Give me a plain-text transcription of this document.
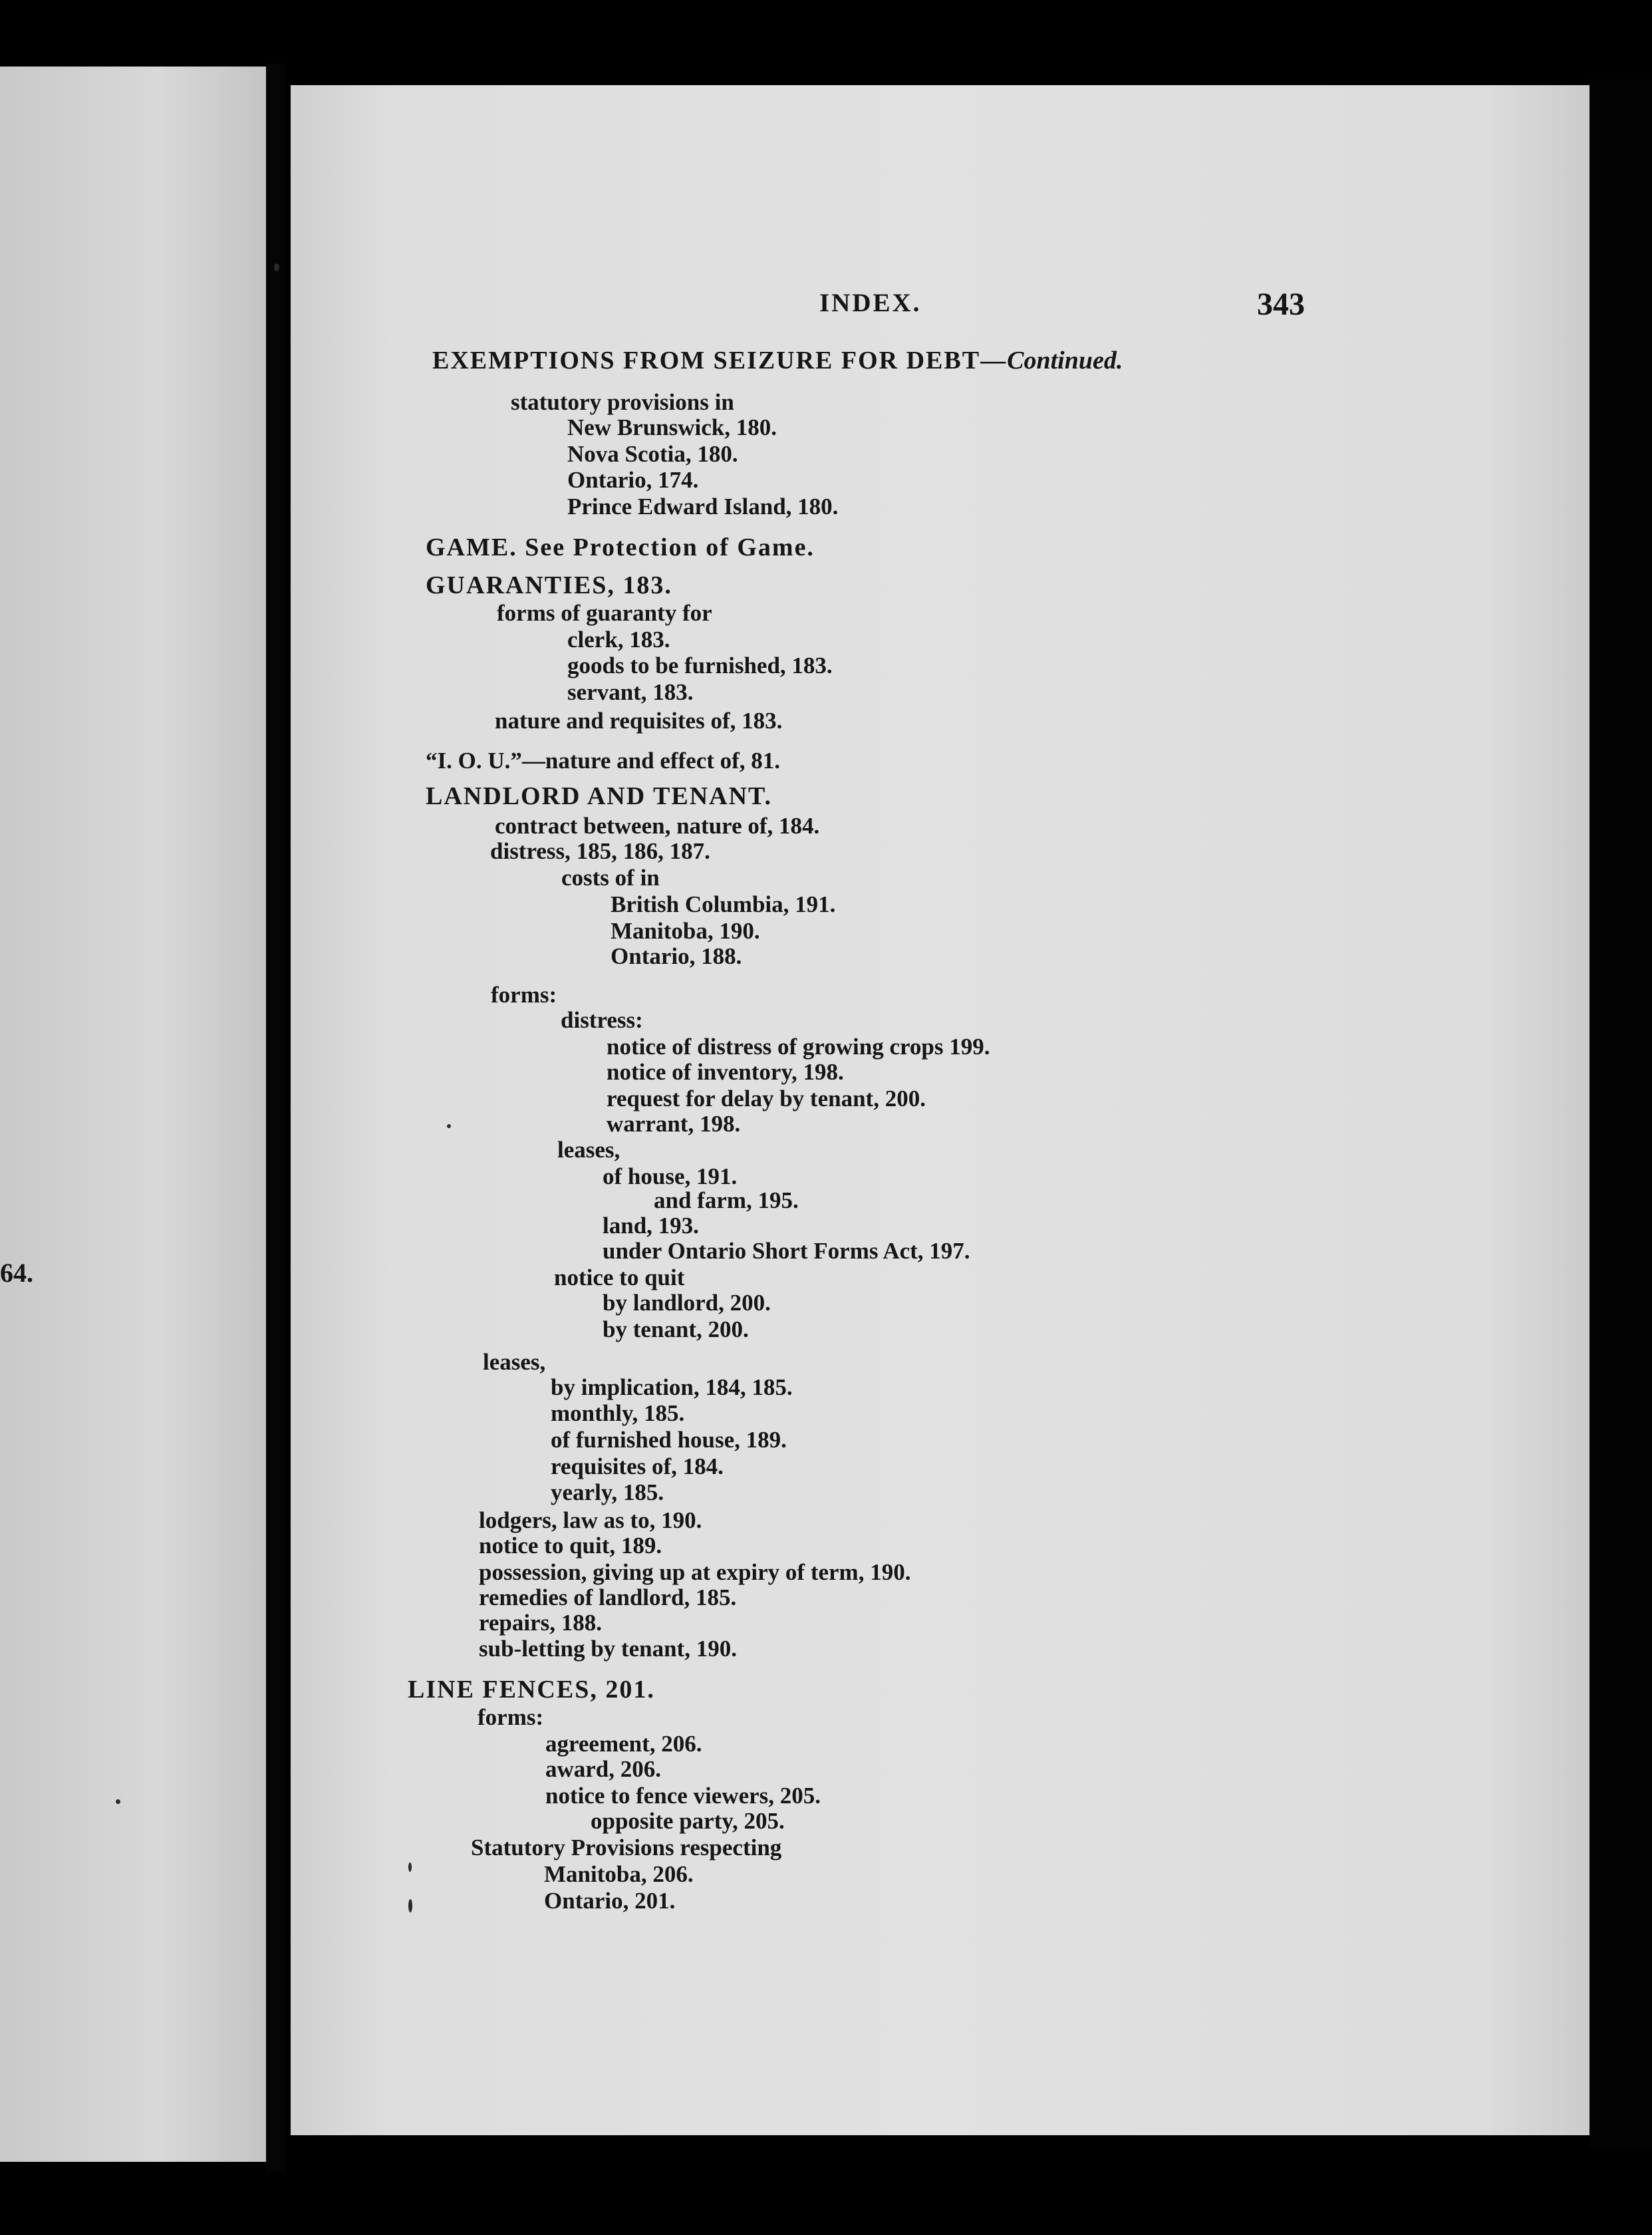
64.
INDEX.	343
EXEMPTIONS FROM SEIZURE FOR DEBT—Continued.
statutory provisions in
New Brunswick, 180.
Nova Scotia, 180.
Ontario, 174.
Prince Edward Island, 180.
GAME. See Protection of Game.
GUARANTIES, 183.
forms of guaranty for
clerk, 183.
goods to be furnished, 183.
servant, 183.
nature and requisites of, 183.
“I. O. U.”—nature and effect of, 81.
LANDLORD AND TENANT.
contract between, nature of, 184.
distress, 185, 186, 187.
costs of in
British Columbia, 191.
Manitoba, 190.
Ontario, 188.
forms:
distress:
notice of distress of growing crops 199.
notice of inventory, 198.
request for delay by tenant, 200.
warrant, 198.
leases,
of house, 191.
and farm, 195.
land, 193.
under Ontario Short Forms Act, 197.
notice to quit
by landlord, 200.
by tenant, 200.
leases,
by implication, 184, 185.
monthly, 185.
of furnished house, 189.
requisites of, 184.
yearly, 185.
lodgers, law as to, 190.
notice to quit, 189.
possession, giving up at expiry of term, 190.
remedies of landlord, 185.
repairs, 188.
sub-letting by tenant, 190.
LINE FENCES, 201.
forms:
agreement, 206.
award, 206.
notice to fence viewers, 205.
opposite party, 205.
Statutory Provisions respecting
Manitoba, 206.
Ontario, 201.
